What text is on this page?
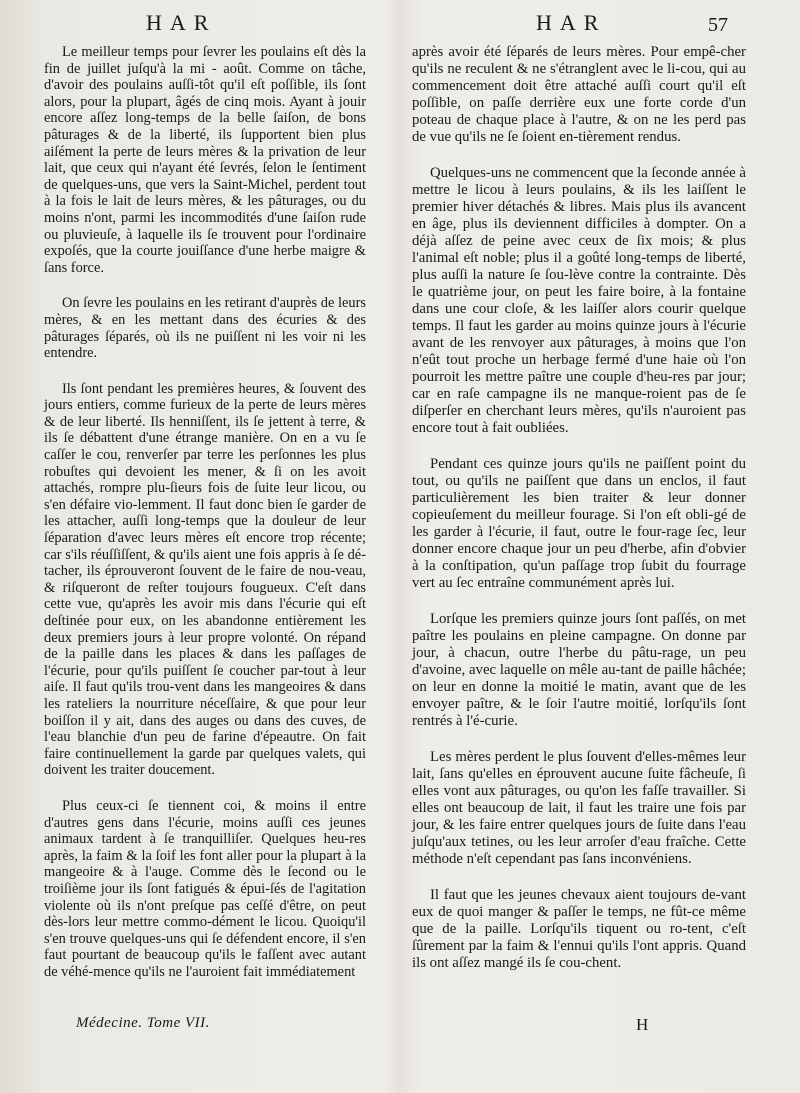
HAR	HAR	57

Le meilleur temps pour ſevrer les poulains eſt dès la fin de juillet juſqu'à la mi - août. Comme on tâche, d'avoir des poulains auſſi-tôt qu'il eſt poſſible, ils ſont alors, pour la plupart, âgés de cinq mois. Ayant à jouir encore aſſez long-temps de la belle ſaiſon, de bons pâturages & de la liberté, ils ſupportent bien plus aiſément la perte de leurs mères & la privation de leur lait, que ceux qui n'ayant été ſevrés, ſelon le ſentiment de quelques-uns, que vers la Saint-Michel, perdent tout à la fois le lait de leurs mères, & les pâturages, ou du moins n'ont, parmi les incommodités d'une ſaiſon rude ou pluvieuſe, à laquelle ils ſe trouvent pour l'ordinaire expoſés, que la courte jouiſſance d'une herbe maigre & ſans force.

On ſevre les poulains en les retirant d'auprès de leurs mères, & en les mettant dans des écuries & des pâturages ſéparés, où ils ne puiſſent ni les voir ni les entendre.

Ils ſont pendant les premières heures, & ſouvent des jours entiers, comme furieux de la perte de leurs mères & de leur liberté. Ils henniſſent, ils ſe jettent à terre, & ils ſe débattent d'une étrange manière. On en a vu ſe caſſer le cou, renverſer par terre les perſonnes les plus robuſtes qui devoient les mener, & ſi on les avoit attachés, rompre plu-ſieurs fois de ſuite leur licou, ou s'en défaire vio-lemment. Il faut donc bien ſe garder de les attacher, auſſi long-temps que la douleur de leur ſéparation d'avec leurs mères eſt encore trop récente; car s'ils réuſſiſſent, & qu'ils aient une fois appris à ſe dé-tacher, ils éprouveront ſouvent de le faire de nou-veau, & riſqueront de reſter toujours fougueux. C'eſt dans cette vue, qu'après les avoir mis dans l'écurie qui eſt deſtinée pour eux, on les abandonne entièrement les deux premiers jours à leur propre volonté. On répand de la paille dans les places & dans les paſſages de l'écurie, pour qu'ils puiſſent ſe coucher par-tout à leur aiſe. Il faut qu'ils trou-vent dans les mangeoires & dans les rateliers la nourriture néceſſaire, & que pour leur boiſſon il y ait, dans des auges ou dans des cuves, de l'eau blanchie d'un peu de farine d'épeautre. On fait faire continuellement la garde par quelques valets, qui doivent les traiter doucement.

Plus ceux-ci ſe tiennent coi, & moins il entre d'autres gens dans l'écurie, moins auſſi ces jeunes animaux tardent à ſe tranquilliſer. Quelques heu-res après, la faim & la ſoif les font aller pour la plupart à la mangeoire & à l'auge. Comme dès le ſecond ou le troiſième jour ils ſont fatigués & épui-ſés de l'agitation violente où ils n'ont preſque pas ceſſé d'être, on peut dès-lors leur mettre commo-dément le licou. Quoiqu'il s'en trouve quelques-uns qui ſe défendent encore, il s'en faut pourtant de beaucoup qu'ils le faſſent avec autant de véhé-mence qu'ils ne l'auroient fait immédiatement

après avoir été ſéparés de leurs mères. Pour empê-cher qu'ils ne reculent & ne s'étranglent avec le li-cou, qui au commencement doit être attaché auſſi court qu'il eſt poſſible, on paſſe derrière eux une forte corde d'un poteau de chaque place à l'autre, & on ne les perd pas de vue qu'ils ne ſe ſoient en-tièrement rendus.

Quelques-uns ne commencent que la ſeconde année à mettre le licou à leurs poulains, & ils les laiſſent le premier hiver détachés & libres. Mais plus ils avancent en âge, plus ils deviennent difficiles à dompter. On a déjà aſſez de peine avec ceux de ſix mois; & plus l'animal eſt noble; plus il a goûté long-temps de liberté, plus auſſi la nature ſe ſou-lève contre la contrainte. Dès le quatrième jour, on peut les faire boire, à la fontaine dans une cour cloſe, & les laiſſer alors courir quelque temps. Il faut les garder au moins quinze jours à l'écurie avant de les renvoyer aux pâturages, à moins que l'on n'eût tout proche un herbage fermé d'une haie où l'on pourroit les mettre paître une couple d'heu-res par jour; car en raſe campagne ils ne manque-roient pas de ſe diſperſer en cherchant leurs mères, qu'ils n'auroient pas encore tout à fait oubliées.

Pendant ces quinze jours qu'ils ne paiſſent point du tout, ou qu'ils ne paiſſent que dans un enclos, il faut particulièrement les bien traiter & leur donner copieuſement du meilleur fourage. Si l'on eſt obli-gé de les garder à l'écurie, il faut, outre le four-rage ſec, leur donner encore chaque jour un peu d'herbe, afin d'obvier à la conſtipation, qu'un paſſage trop ſubit du fourrage vert au ſec entraîne communément après lui.

Lorſque les premiers quinze jours ſont paſſés, on met paître les poulains en pleine campagne. On donne par jour, à chacun, outre l'herbe du pâtu-rage, un peu d'avoine, avec laquelle on mêle au-tant de paille hâchée; on leur en donne la moitié le matin, avant que de les envoyer paître, & le ſoir l'autre moitié, lorſqu'ils ſont rentrés à l'é-curie.

Les mères perdent le plus ſouvent d'elles-mêmes leur lait, ſans qu'elles en éprouvent aucune ſuite fâcheuſe, ſi elles vont aux pâturages, ou qu'on les faſſe travailler. Si elles ont beaucoup de lait, il faut les traire une fois par jour, & les faire entrer quelques jours de ſuite dans l'eau juſqu'aux tetines, ou les leur arroſer d'eau fraîche. Cette méthode n'eſt cependant pas ſans inconvéniens.

Il faut que les jeunes chevaux aient toujours de-vant eux de quoi manger & paſſer le temps, ne fût-ce même que de la paille. Lorſqu'ils tiquent ou ro-tent, c'eſt ſûrement par la faim & l'ennui qu'ils l'ont appris. Quand ils ont aſſez mangé ils ſe cou-chent.

Médecine. Tome VII.	H
